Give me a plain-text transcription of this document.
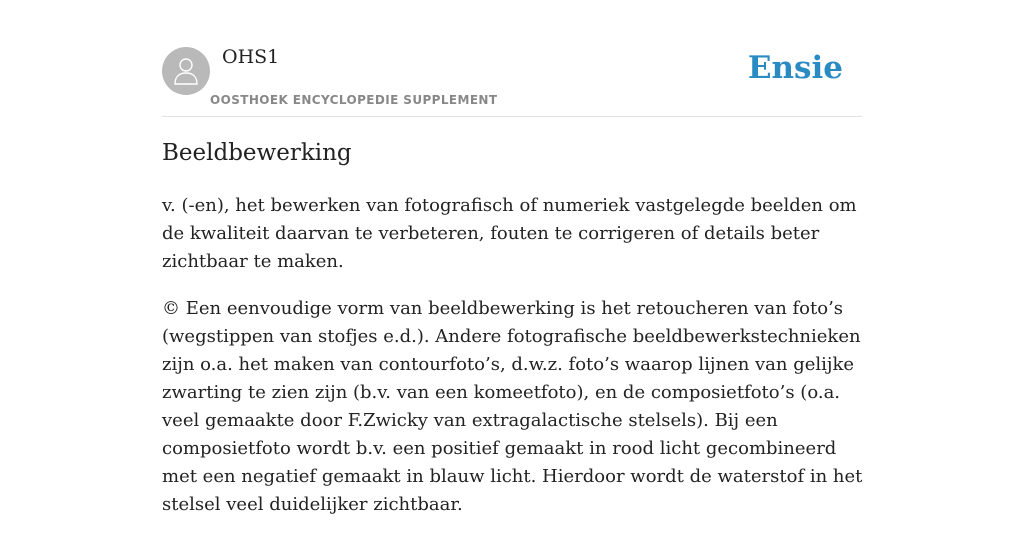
OHS1
OOSTHOEK ENCYCLOPEDIE SUPPLEMENT
Ensie
Beeldbewerking

v. (-en), het bewerken van fotografisch of numeriek vastgelegde beelden om de kwaliteit daarvan te verbeteren, fouten te corrigeren of details beter zichtbaar te maken.

© Een eenvoudige vorm van beeldbewerking is het retoucheren van foto’s (wegstippen van stofjes e.d.). Andere fotografische beeldbewerkstechnieken zijn o.a. het maken van contourfoto’s, d.w.z. foto’s waarop lijnen van gelijke zwarting te zien zijn (b.v. van een komeetfoto), en de composietfoto’s (o.a. veel gemaakte door F.Zwicky van extragalactische stelsels). Bij een composietfoto wordt b.v. een positief gemaakt in rood licht gecombineerd met een negatief gemaakt in blauw licht. Hierdoor wordt de waterstof in het stelsel veel duidelijker zichtbaar.
